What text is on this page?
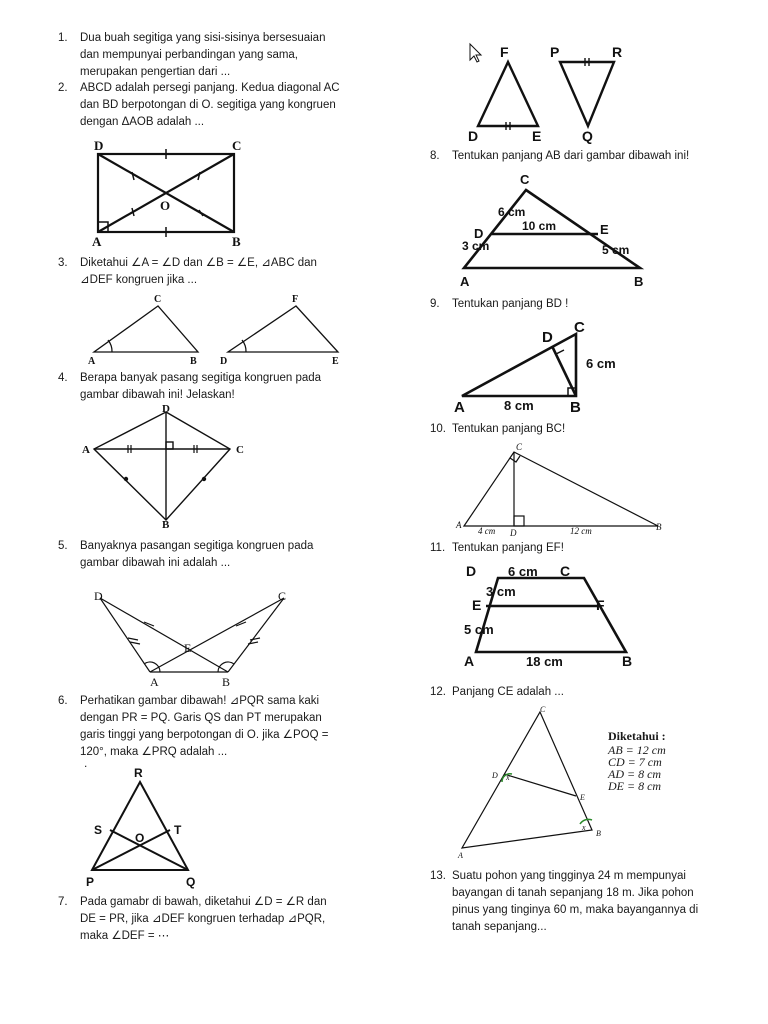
1. Dua buah segitiga yang sisi-sisinya bersesuaian
dan mempunyai perbandingan yang sama,
merupakan pengertian dari ...
2. ABCD adalah persegi panjang. Kedua diagonal AC
dan BD berpotongan di O. segitiga yang kongruen
dengan ΔAOB adalah ...
D	C
A	B
O
3. Diketahui ∠A = ∠D dan ∠B = ∠E, ⊿ABC dan
⊿DEF kongruen jika ...
C
A	B
F
D	E
4. Berapa banyak pasang segitiga kongruen pada
gambar dibawah ini! Jelaskan!
D
A	C
B
5. Banyaknya pasangan segitiga kongruen pada
gambar dibawah ini adalah ...
D	C
E
A	B
6. Perhatikan gambar dibawah! ⊿PQR sama kaki
dengan PR = PQ. Garis QS dan PT merupakan
garis tinggi yang berpotongan di O. jika ∠POQ =
120°, maka ∠PRQ adalah ...
.
R
S
O
T
P	Q
7. Pada gamabr di bawah, diketahui ∠D = ∠R dan
DE = PR, jika ⊿DEF kongruen terhadap ⊿PQR,
maka ∠DEF = ⋯
F	P	R
D	E	Q
8. Tentukan panjang AB dari gambar dibawah ini!
C
D	E
A	B
6 cm
10 cm
3 cm	5 cm
9. Tentukan panjang BD !
D
C
A	B
6 cm
8 cm
10. Tentukan panjang BC!
C
A
D
B
4 cm	12 cm
11. Tentukan panjang EF!
A	B
D	C
E	F
6 cm
3 cm
5 cm
18 cm
12. Panjang CE adalah ...
C
D
E
B
A
x
x
Diketahui :
AB = 12 cm
CD = 7 cm
AD = 8 cm
DE = 8 cm
13. Suatu pohon yang tingginya 24 m mempunyai
bayangan di tanah sepanjang 18 m. Jika pohon
pinus yang tinginya 60 m, maka bayangannya di
tanah sepanjang...
